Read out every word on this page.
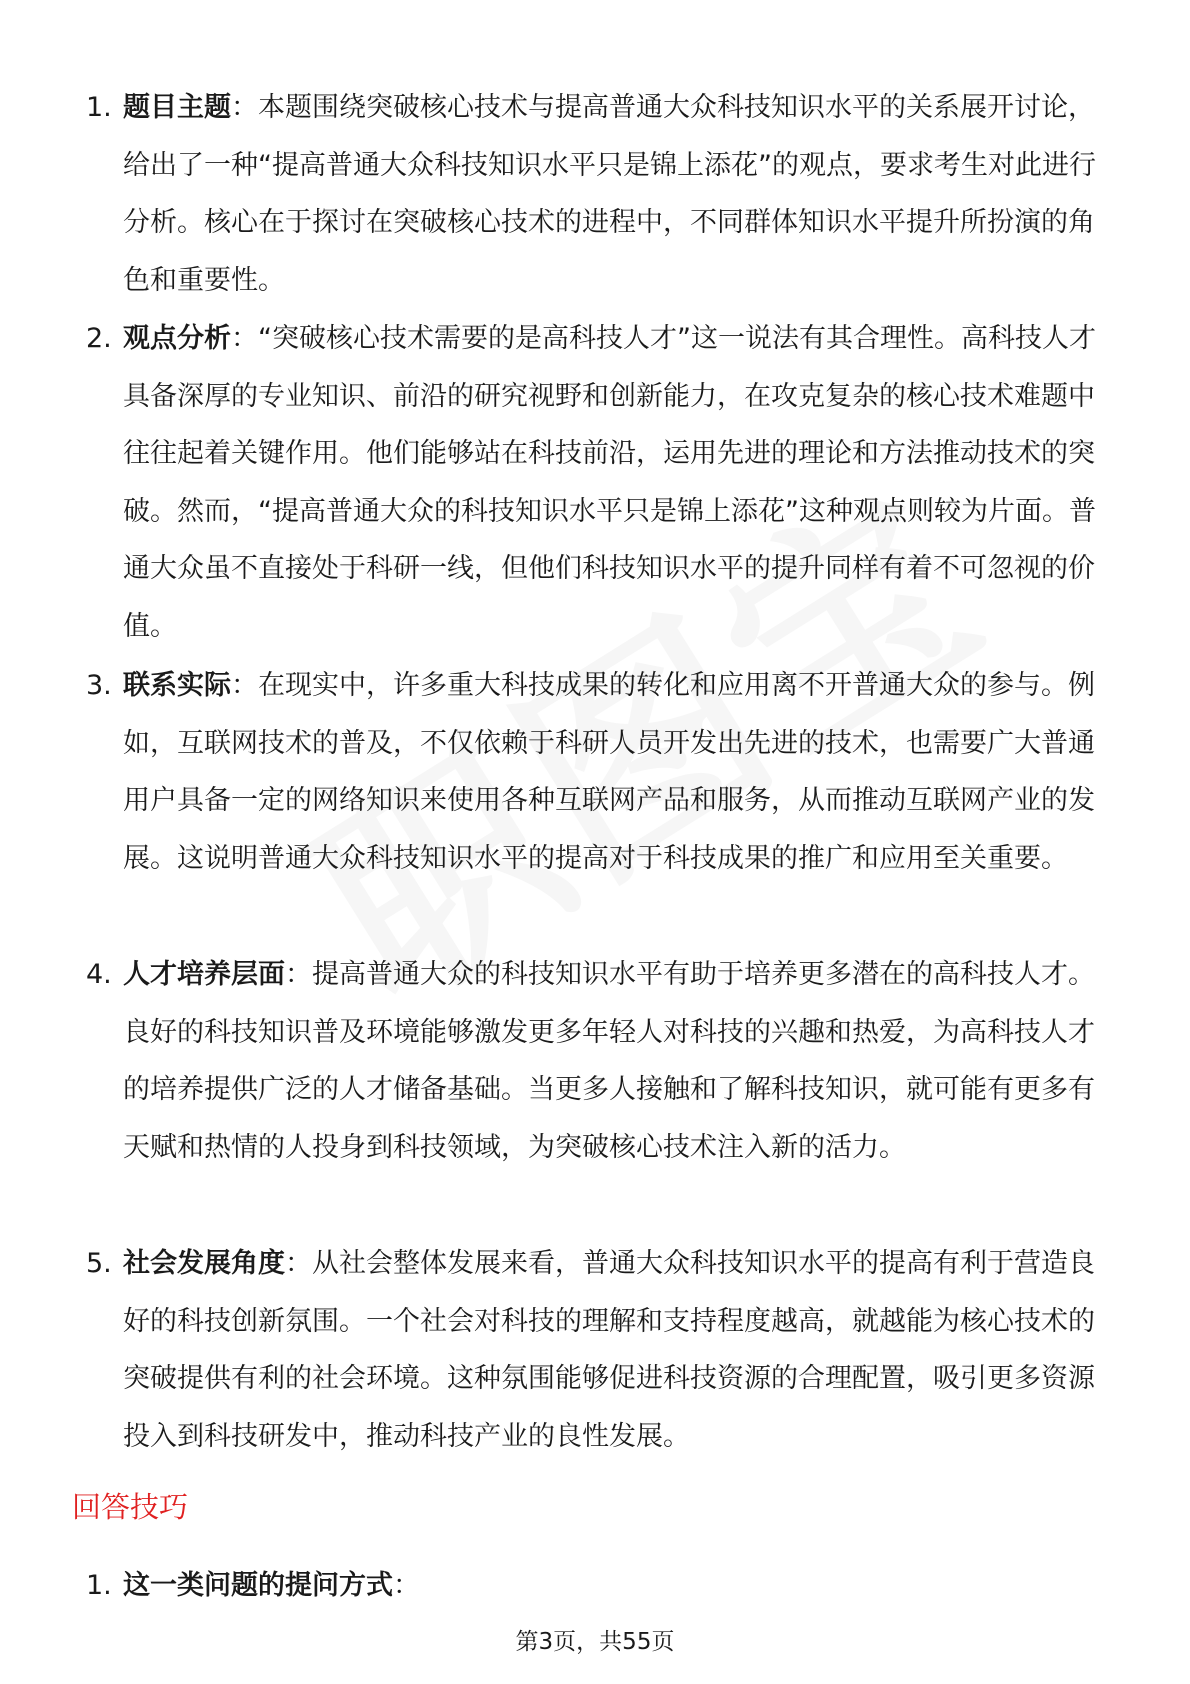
1. 题目主题：本题围绕突破核心技术与提高普通大众科技知识水平的关系展开讨论，给出了一种“提高普通大众科技知识水平只是锦上添花”的观点，要求考生对此进行分析。核心在于探讨在突破核心技术的进程中，不同群体知识水平提升所扮演的角色和重要性。
2. 观点分析：“突破核心技术需要的是高科技人才”这一说法有其合理性。高科技人才具备深厚的专业知识、前沿的研究视野和创新能力，在攻克复杂的核心技术难题中往往起着关键作用。他们能够站在科技前沿，运用先进的理论和方法推动技术的突破。然而，“提高普通大众的科技知识水平只是锦上添花”这种观点则较为片面。普通大众虽不直接处于科研一线，但他们科技知识水平的提升同样有着不可忽视的价值。
3. 联系实际：在现实中，许多重大科技成果的转化和应用离不开普通大众的参与。例如，互联网技术的普及，不仅依赖于科研人员开发出先进的技术，也需要广大普通用户具备一定的网络知识来使用各种互联网产品和服务，从而推动互联网产业的发展。这说明普通大众科技知识水平的提高对于科技成果的推广和应用至关重要。
4. 人才培养层面：提高普通大众的科技知识水平有助于培养更多潜在的高科技人才。良好的科技知识普及环境能够激发更多年轻人对科技的兴趣和热爱，为高科技人才的培养提供广泛的人才储备基础。当更多人接触和了解科技知识，就可能有更多有天赋和热情的人投身到科技领域，为突破核心技术注入新的活力。
5. 社会发展角度：从社会整体发展来看，普通大众科技知识水平的提高有利于营造良好的科技创新氛围。一个社会对科技的理解和支持程度越高，就越能为核心技术的突破提供有利的社会环境。这种氛围能够促进科技资源的合理配置，吸引更多资源投入到科技研发中，推动科技产业的良性发展。
回答技巧
1. 这一类问题的提问方式：
第3页，共55页
